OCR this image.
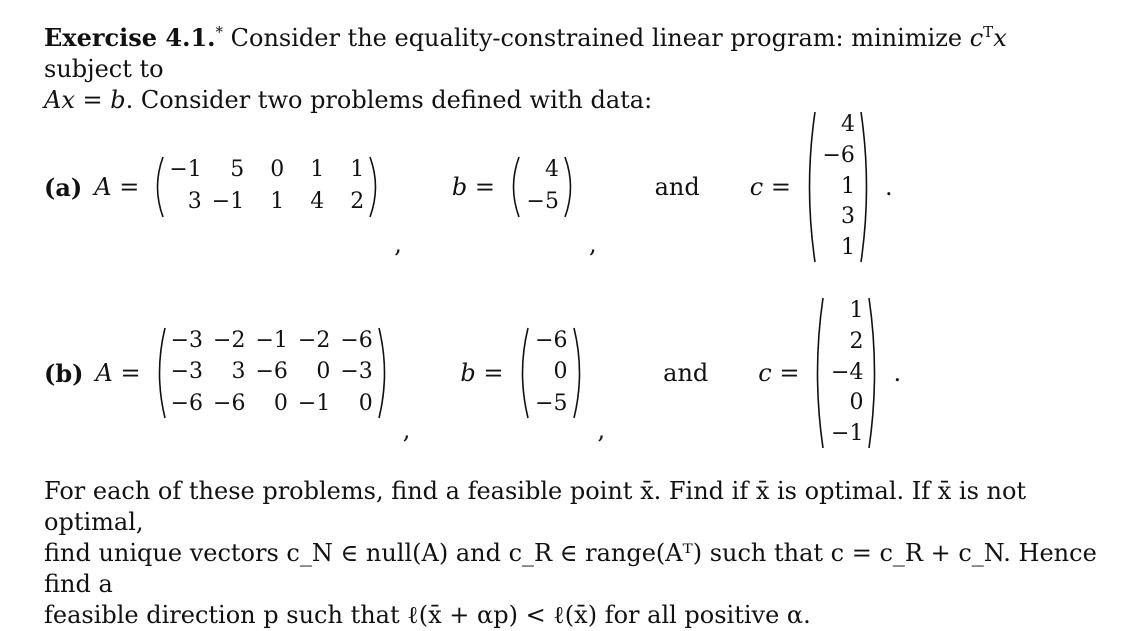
Exercise 4.1.* Consider the equality-constrained linear program: minimize $c^Tx$ subject to
Ax = b. Consider two problems defined with data:
(a) A =
−1	5	0	1	1
3 −1	1	4	2
,
b =
4
−5
,
and c =
4
−6
1
3
1
.
(b) A =
−3 −2 −1 −2 −6
−3	3 −6	0 −3
−6 −6	0 −1	0
,
b =
−6
0
−5
,
and c =
1
2
−4
0
−1
.
For each of these problems, find a feasible point x̄. Find if x̄ is optimal. If x̄ is not optimal,
find unique vectors c_N ∈ null(A) and c_R ∈ range(Aᵀ) such that c = c_R + c_N. Hence find a
feasible direction p such that ℓ(x̄ + αp) < ℓ(x̄) for all positive α.
